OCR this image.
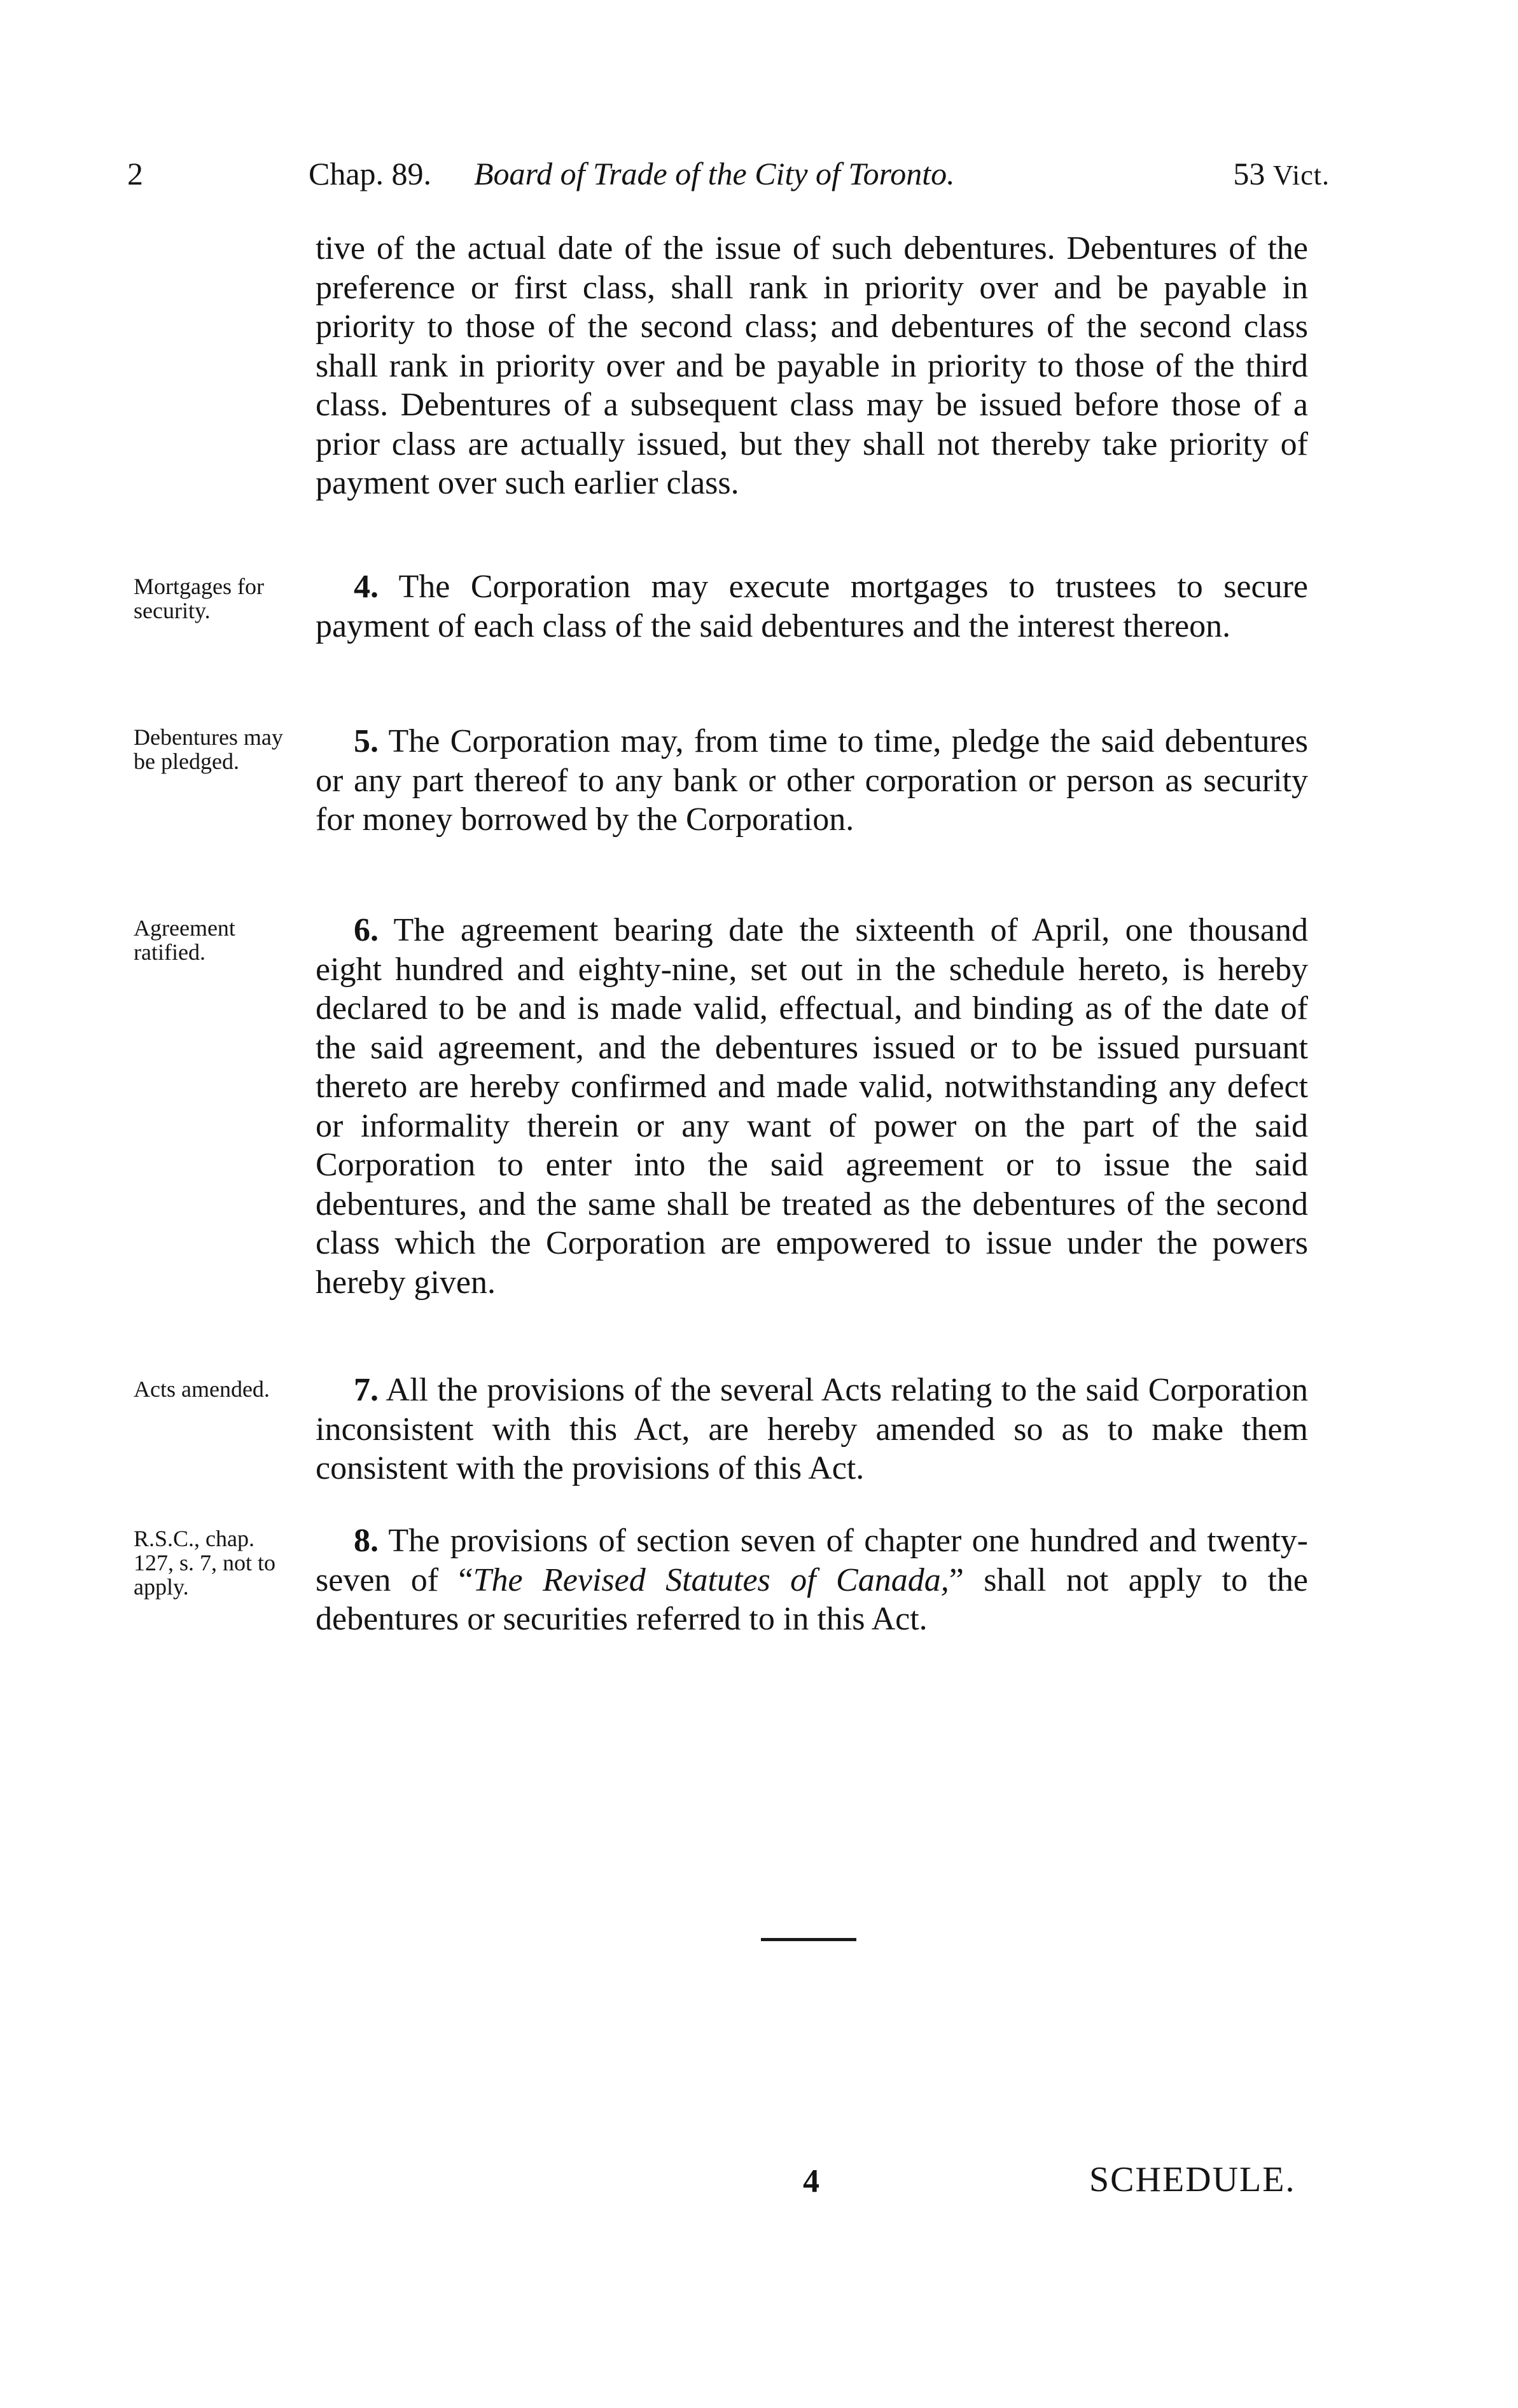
2	Chap. 89. Board of Trade of the City of Toronto.	53 Vict.
tive of the actual date of the issue of such debentures. Debentures of the preference or first class, shall rank in priority over and be payable in priority to those of the second class; and debentures of the second class shall rank in priority over and be payable in priority to those of the third class. Debentures of a subsequent class may be issued before those of a prior class are actually issued, but they shall not thereby take priority of payment over such earlier class.
Mortgages for security.
4. The Corporation may execute mortgages to trustees to secure payment of each class of the said debentures and the interest thereon.
Debentures may be pledged.
5. The Corporation may, from time to time, pledge the said debentures or any part thereof to any bank or other corporation or person as security for money borrowed by the Corporation.
Agreement ratified.
6. The agreement bearing date the sixteenth of April, one thousand eight hundred and eighty-nine, set out in the schedule hereto, is hereby declared to be and is made valid, effectual, and binding as of the date of the said agreement, and the debentures issued or to be issued pursuant thereto are hereby confirmed and made valid, notwithstanding any defect or informality therein or any want of power on the part of the said Corporation to enter into the said agreement or to issue the said debentures, and the same shall be treated as the debentures of the second class which the Corporation are empowered to issue under the powers hereby given.
Acts amended.	7. All the provisions of the several Acts relating to the said Corporation inconsistent with this Act, are hereby amended so as to make them consistent with the provisions of this Act.
R.S.C., chap. 127, s. 7, not to apply.
8. The provisions of section seven of chapter one hundred and twenty-seven of “The Revised Statutes of Canada,” shall not apply to the debentures or securities referred to in this Act.
4	SCHEDULE.
